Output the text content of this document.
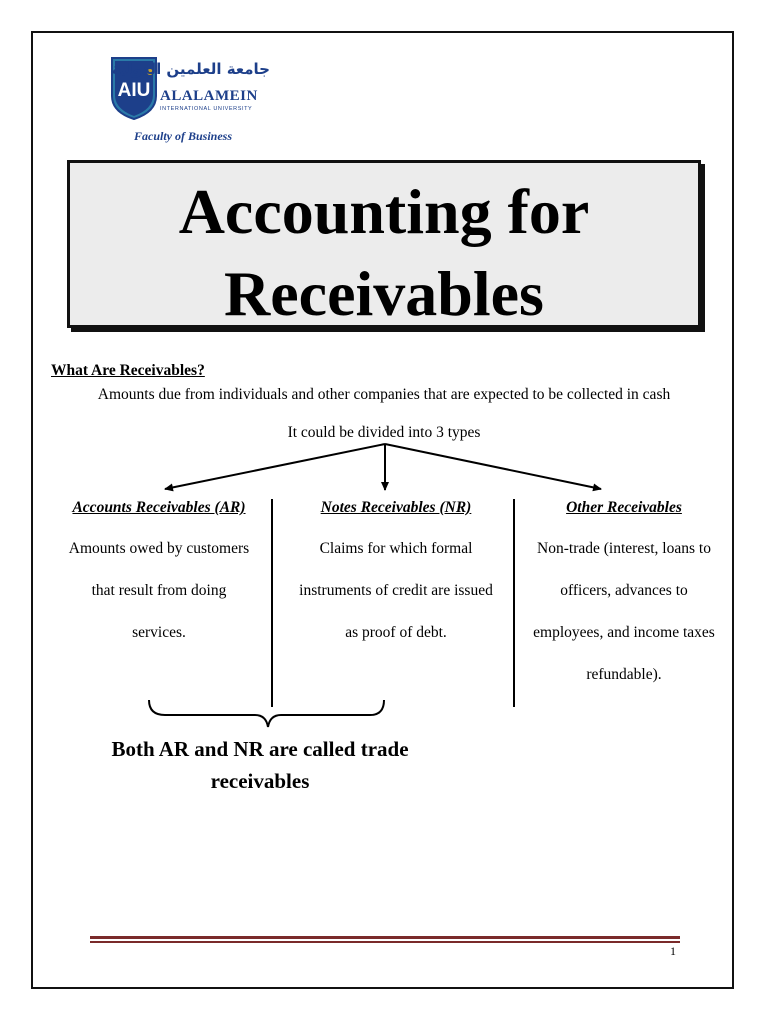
AIU
جامعة العلمين الدولية
ALALAMEIN
INTERNATIONAL UNIVERSITY
Faculty of Business
Accounting for
Receivables
What Are Receivables?
Amounts due from individuals and other companies that are expected to be collected in cash
It could be divided into 3 types
Accounts Receivables (AR)	Notes Receivables (NR)	Other Receivables
Amounts owed by customers
that result from doing
services.
Claims for which formal
instruments of credit are issued
as proof of debt.
Non-trade (interest, loans to
officers, advances to
employees, and income taxes
refundable).
Both AR and NR are called trade
receivables
1
